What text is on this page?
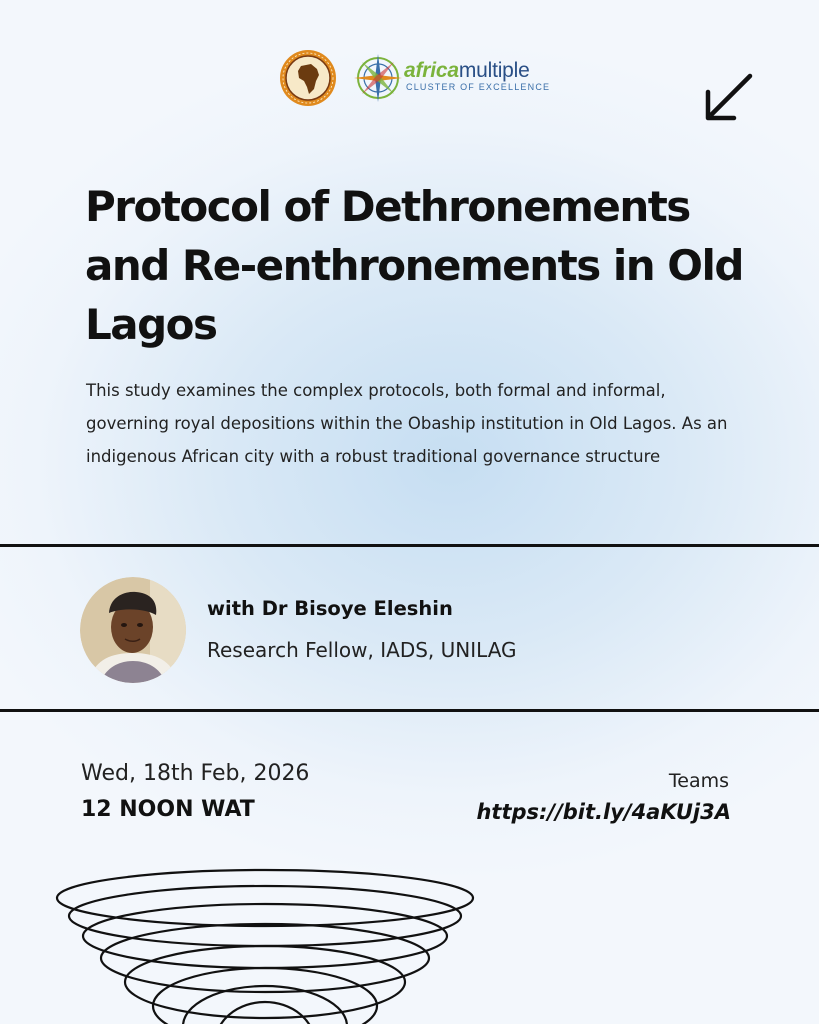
africamultiple
CLUSTER OF EXCELLENCE
Protocol of Dethronements and Re-enthronements in Old Lagos

This study examines the complex protocols, both formal and informal, governing royal depositions within the Obaship institution in Old Lagos. As an indigenous African city with a robust traditional governance structure

with Dr Bisoye Eleshin
Research Fellow, IADS, UNILAG
Wed, 18th Feb, 2026
12 NOON WAT
Teams
https://bit.ly/4aKUj3A
